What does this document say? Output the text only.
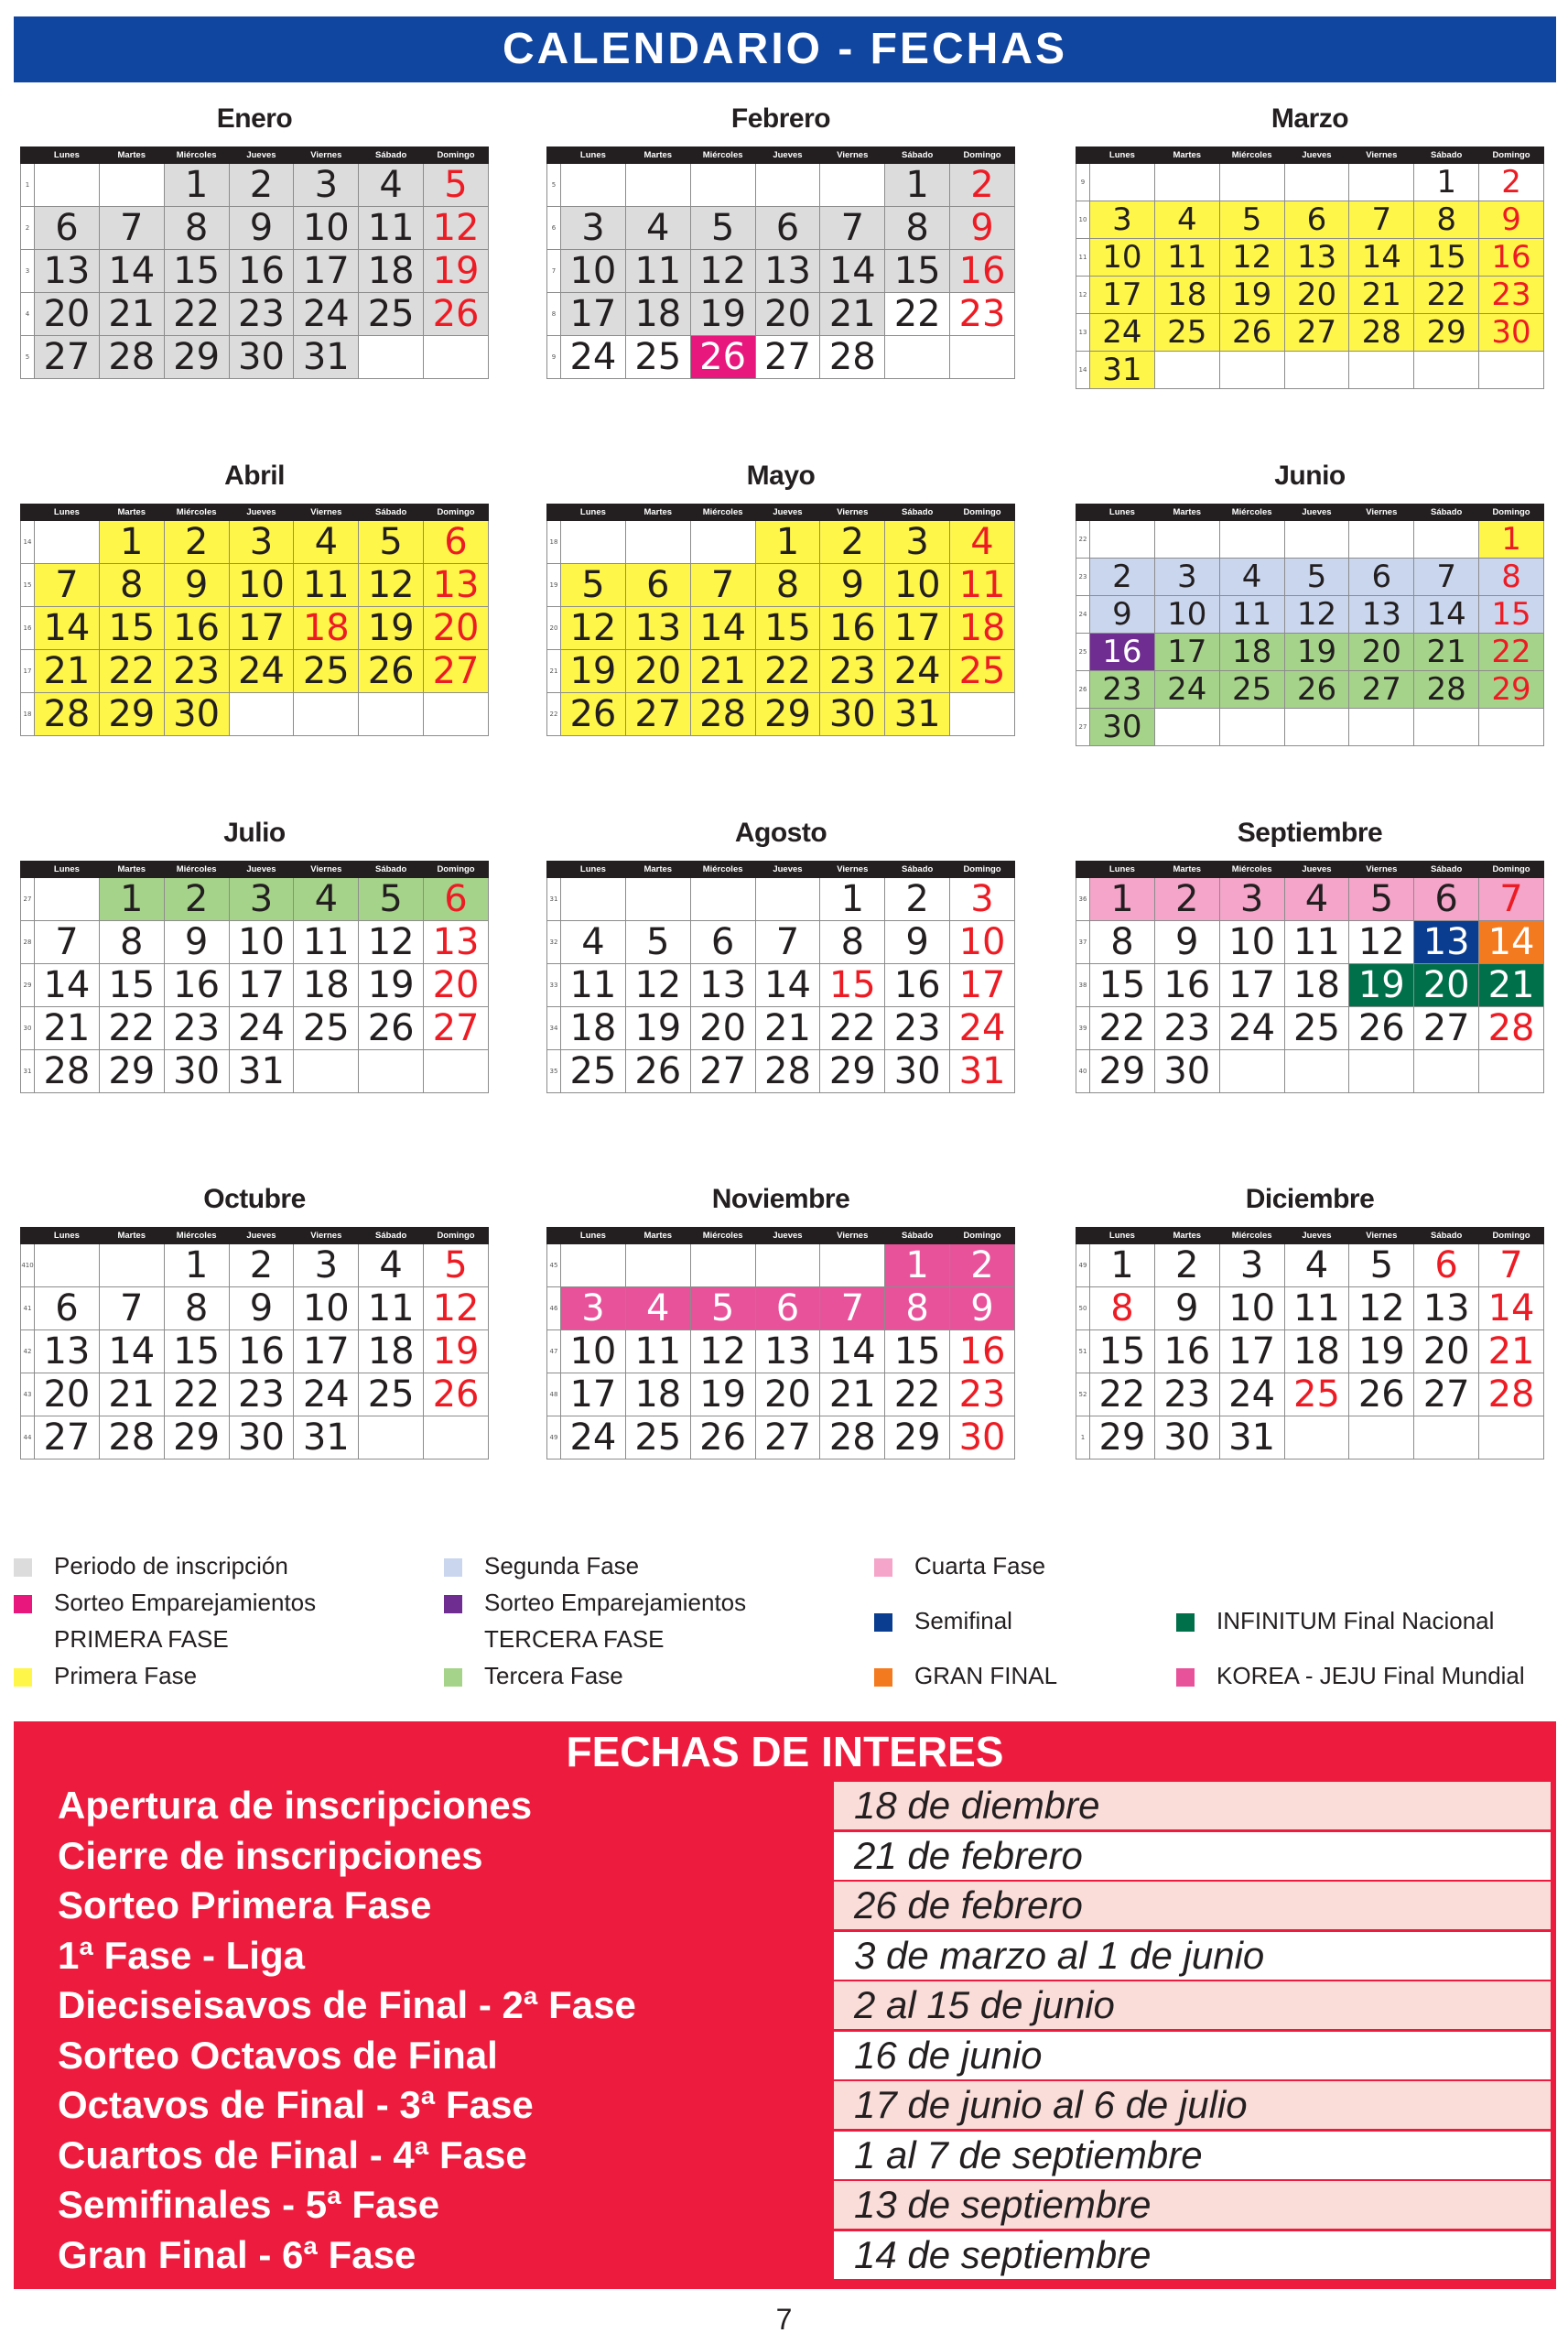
CALENDARIO - FECHAS
Enero
	Lunes	Martes	Miércoles	Jueves	Viernes	Sábado	Domingo
1			1	2	3	4	5
2	6	7	8	9	10	11	12
3	13	14	15	16	17	18	19
4	20	21	22	23	24	25	26
5	27	28	29	30	31		
Febrero
	Lunes	Martes	Miércoles	Jueves	Viernes	Sábado	Domingo
5						1	2
6	3	4	5	6	7	8	9
7	10	11	12	13	14	15	16
8	17	18	19	20	21	22	23
9	24	25	26	27	28		
Marzo
	Lunes	Martes	Miércoles	Jueves	Viernes	Sábado	Domingo
9						1	2
10	3	4	5	6	7	8	9
11	10	11	12	13	14	15	16
12	17	18	19	20	21	22	23
13	24	25	26	27	28	29	30
14	31						
Abril
	Lunes	Martes	Miércoles	Jueves	Viernes	Sábado	Domingo
14		1	2	3	4	5	6
15	7	8	9	10	11	12	13
16	14	15	16	17	18	19	20
17	21	22	23	24	25	26	27
18	28	29	30				
Mayo
	Lunes	Martes	Miércoles	Jueves	Viernes	Sábado	Domingo
18				1	2	3	4
19	5	6	7	8	9	10	11
20	12	13	14	15	16	17	18
21	19	20	21	22	23	24	25
22	26	27	28	29	30	31	
Junio
	Lunes	Martes	Miércoles	Jueves	Viernes	Sábado	Domingo
22							1
23	2	3	4	5	6	7	8
24	9	10	11	12	13	14	15
25	16	17	18	19	20	21	22
26	23	24	25	26	27	28	29
27	30						
Julio
	Lunes	Martes	Miércoles	Jueves	Viernes	Sábado	Domingo
27		1	2	3	4	5	6
28	7	8	9	10	11	12	13
29	14	15	16	17	18	19	20
30	21	22	23	24	25	26	27
31	28	29	30	31			
Agosto
	Lunes	Martes	Miércoles	Jueves	Viernes	Sábado	Domingo
31					1	2	3
32	4	5	6	7	8	9	10
33	11	12	13	14	15	16	17
34	18	19	20	21	22	23	24
35	25	26	27	28	29	30	31
Septiembre
	Lunes	Martes	Miércoles	Jueves	Viernes	Sábado	Domingo
36	1	2	3	4	5	6	7
37	8	9	10	11	12	13	14
38	15	16	17	18	19	20	21
39	22	23	24	25	26	27	28
40	29	30					
Octubre
	Lunes	Martes	Miércoles	Jueves	Viernes	Sábado	Domingo
410			1	2	3	4	5
41	6	7	8	9	10	11	12
42	13	14	15	16	17	18	19
43	20	21	22	23	24	25	26
44	27	28	29	30	31		
Noviembre
	Lunes	Martes	Miércoles	Jueves	Viernes	Sábado	Domingo
45						1	2
46	3	4	5	6	7	8	9
47	10	11	12	13	14	15	16
48	17	18	19	20	21	22	23
49	24	25	26	27	28	29	30
Diciembre
	Lunes	Martes	Miércoles	Jueves	Viernes	Sábado	Domingo
49	1	2	3	4	5	6	7
50	8	9	10	11	12	13	14
51	15	16	17	18	19	20	21
52	22	23	24	25	26	27	28
1	29	30	31				
Periodo de inscripción
Sorteo Emparejamientos
PRIMERA FASE
Primera Fase
Segunda Fase
Sorteo Emparejamientos
TERCERA FASE
Tercera Fase
Cuarta Fase
Semifinal
GRAN FINAL
INFINITUM Final Nacional
KOREA - JEJU Final Mundial
FECHAS DE INTERES
Apertura de inscripciones	18 de diembre
Cierre de inscripciones	21 de febrero
Sorteo Primera Fase	26 de febrero
1ª Fase - Liga	3 de marzo al 1 de junio
Dieciseisavos de Final - 2ª Fase	2 al 15 de junio
Sorteo Octavos de Final	16 de junio
Octavos de Final - 3ª Fase	17 de junio al 6 de julio
Cuartos de Final - 4ª Fase	1 al 7 de septiembre
Semifinales - 5ª Fase	13 de septiembre
Gran Final - 6ª Fase	14 de septiembre
7
